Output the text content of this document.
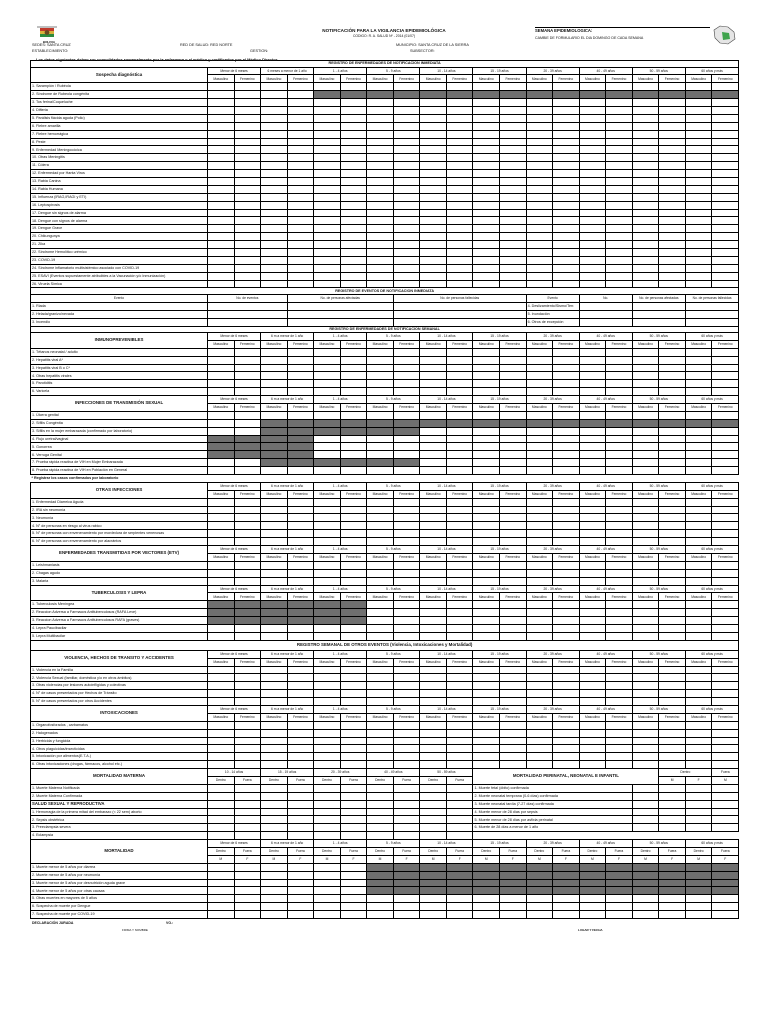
BOLIVIA
NOTIFICACIÓN PARA LA VIGILANCIA EPIDEMIOLÓGICA
CODIGO: R. A. SALUD Nº - 2014 (01/07)
SEMANA EPIDEMIOLOGICA:
CAMBIE DE FORMULARIO EL DIA DOMINGO DE CADA SEMANA
SEDES: SANTA CRUZ	RED DE SALUD: RED NORTE	MUNICIPIO: SANTA CRUZ DE LA SIERRA
ESTABLECIMIENTO:	GESTION:	SUBSECTOR:
Los datos siguientes deben ser consolidados semanalmente por la enfermera o el médico y certificados por el Médico Director
REGISTRO DE ENFERMEDADES DE NOTIFICACION INMEDIATA																					
Sospecha diagnóstica	Menor de 6 meses		6 meses a menor de 1 año		1 - 4 años		5 - 9 años		10 - 14 años		15 - 19 años		20 - 39 años		40 - 49 años		50 - 59 años		60 años y más		
	Masculino	Femenino	Masculino	Femenino	Masculino	Femenino	Masculino	Femenino	Masculino	Femenino	Masculino	Femenino	Masculino	Femenino	Masculino	Femenino	Masculino	Femenino	Masculino	Femenino	
1. Sarampión / Rubéola																					
2. Síndrome de Rubeola congénita																					
3. Tos ferina/Coqueluche																					
4. Difteria																					
5. Parálisis flácida aguda (Polio)																					
6. Fiebre amarilla																					
7. Fiebre hemorrágica																					
8. Peste																					
9. Enfermedad Meningocócica																					
10. Otras Meningitis																					
11. Cólera																					
12. Enfermedad por Hanta Virus																					
13. Rabia Canina																					
14. Rabia Humana																					
15. Influenza (IRAG,IRAGI y ETI)																					
16. Leptospirosis																					
17. Dengue sin signos de alarma																					
18. Dengue con signos de alarma																					
19. Dengue Grave																					
20. Chikungunya																					
21. Zika																					
22. Síndrome Hemolítico urémico																					
23. COVID-19																					
24. Síndrome inflamatorio multisistémico asociado con COVID-19																					
25. ESAVI (Eventos supuestamente atribuibles a la Vacunación y/o Inmunización)																					
26. Viruela Símica																					
REGISTRO DE EVENTOS DE NOTIFICACION INMEDIATA																					
Evento	No. de eventos			No. de personas afectadas				No. de personas fallecidas					Evento		No.		No. de personas afectadas		No. de personas fallecidas		
1. Riada													4. Deslizamiento/Sismo/Terr.								
2. Helada/granizo/nevada													5. Inundación								
3. Incendio													6. Otros de excepción								
REGISTRO DE ENFERMEDADES DE NOTIFICACION SEMANAL																					
INMUNOPREVENIBLES	Menor de 6 meses		6 m a menor de 1 año		1 - 4 años		5 - 9 años		10 - 14 años		15 - 19 años		20 - 39 años		40 - 49 años		50 - 59 años		60 años y más		
	Masculino	Femenino	Masculino	Femenino	Masculino	Femenino	Masculino	Femenino	Masculino	Femenino	Masculino	Femenino	Masculino	Femenino	Masculino	Femenino	Masculino	Femenino	Masculino	Femenino	
1. Tétanos neonatal / adulto																					
2. Hepatitis viral A*																					
3. Hepatitis viral B o C*																					
4. Otras hepatitis virales																					
5. Parotiditis																					
6. Varicela																					
INFECCIONES DE TRANSMISIÓN SEXUAL	Menor de 6 meses		6 m a menor de 1 año		1 - 4 años		5 - 9 años		10 - 14 años		15 - 19 años		20 - 39 años		40 - 49 años		50 - 59 años		60 años y más		
	Masculino	Femenino	Masculino	Femenino	Masculino	Femenino	Masculino	Femenino	Masculino	Femenino	Masculino	Femenino	Masculino	Femenino	Masculino	Femenino	Masculino	Femenino	Masculino	Femenino	
1. Úlcera genital																					
2. Sífilis Congénita																					
3. Sífilis en la mujer embarazada (confirmado por laboratorio)																					
4. Flujo uretral/vaginal																					
5. Gonorrea																					
6. Verruga Genital																					
7. Prueba rápida reactiva de VIH en Mujer Embarazada																					
8. Prueba rápida reactiva de VIH en Población en General																					
* Registrar los casos confirmados por laboratorio																					
OTRAS INFECCIONES	Menor de 6 meses		6 m a menor de 1 año		1 - 4 años		5 - 9 años		10 - 14 años		15 - 19 años		20 - 39 años		40 - 49 años		50 - 59 años		60 años y más		
	Masculino	Femenino	Masculino	Femenino	Masculino	Femenino	Masculino	Femenino	Masculino	Femenino	Masculino	Femenino	Masculino	Femenino	Masculino	Femenino	Masculino	Femenino	Masculino	Femenino	
1. Enfermedad Diarreica Aguda																					
2. IRA sin neumonía																					
3. Neumonía																					
4. N° de personas en riesgo al virus rabico																					
5. N° de personas con envenenamiento por mordedura de serpientes venenosas																					
6. N° de personas con envenenamiento por alacrántos																					
ENFERMEDADES TRANSMITIDAS POR VECTORES (ETV)	Menor de 6 meses		6 m a menor de 1 año		1 - 4 años		5 - 9 años		10 - 14 años		15 - 19 años		20 - 39 años		40 - 49 años		50 - 59 años		60 años y más		
	Masculino	Femenino	Masculino	Femenino	Masculino	Femenino	Masculino	Femenino	Masculino	Femenino	Masculino	Femenino	Masculino	Femenino	Masculino	Femenino	Masculino	Femenino	Masculino	Femenino	
1. Leishmaniasis																					
2. Chagas agudo																					
3. Malaria																					
TUBERCULOSIS Y LEPRA	Menor de 6 meses		6 m a menor de 1 año		1 - 4 años		5 - 9 años		10 - 14 años		15 - 19 años		20 - 39 años		40 - 49 años		50 - 59 años		60 años y más		
	Masculino	Femenino	Masculino	Femenino	Masculino	Femenino	Masculino	Femenino	Masculino	Femenino	Masculino	Femenino	Masculino	Femenino	Masculino	Femenino	Masculino	Femenino	Masculino	Femenino	
1. Tuberculosis Meníngea																					
2. Reaccion Adversa a Farmacos Antituberculosos (RAFA Leve)																					
3. Reaccion Adversa a Farmacos Antituberculosos RAFA (graves)																					
4. Lepra Paucibacilar																					
5. Lepra Multibacilar																					
REGISTRO SEMANAL DE OTROS EVENTOS (Violencia, Intoxicaciones y Mortalidad)																					
VIOLENCIA, HECHOS DE TRANSITO Y ACCIDENTES	Menor de 6 meses		6 m a menor de 1 año		1 - 4 años		5 - 9 años		10 - 14 años		15 - 19 años		20 - 39 años		40 - 49 años		50 - 59 años		60 años y más		
	Masculino	Femenino	Masculino	Femenino	Masculino	Femenino	Masculino	Femenino	Masculino	Femenino	Masculino	Femenino	Masculino	Femenino	Masculino	Femenino	Masculino	Femenino	Masculino	Femenino	
1. Violencia en la Familia																					
2. Violencia Sexual (familiar, doméstica y/o en otros ámbitos)																					
3. Otras violencias por lesiones autoinfligidas y colectivas																					
4. N° de casos presentados por Hechos de Tránsito																					
5. N° de casos presentados por otros Accidentes																					
INTOXICACIONES	Menor de 6 meses		6 m a menor de 1 año		1 - 4 años		5 - 9 años		10 - 14 años		15 - 19 años		20 - 39 años		40 - 49 años		50 - 59 años		60 años y más		
	Masculino	Femenino	Masculino	Femenino	Masculino	Femenino	Masculino	Femenino	Masculino	Femenino	Masculino	Femenino	Masculino	Femenino	Masculino	Femenino	Masculino	Femenino	Masculino	Femenino	
1. Organofosforados , carbamatos																					
2. Halogenados																					
3. Herbicida y fungicida																					
4. Otros plaguicidas/insecticidas																					
5. Intoxicación por alimentos(E.T.A.)																					
6. Otras intoxicaciones (drogas, fármacos, alcohol etc.)																					
MORTALIDAD MATERNA	10 - 14 años		15 - 19 años		20 - 39 años		40 - 49 años		50 - 59 años		MORTALIDAD PERINATAL, NEONATAL E INFANTIL							Dentro		Fuera	
	Dentro	Fuera	Dentro	Fuera	Dentro	Fuera	Dentro	Fuera	Dentro	Fuera								M	F	M	
1. Muerte Materna Notificada											1. Muerte fetal (óbito) confirmada										
2. Muerte Materna Confirmada											2. Muerte neonatal temprana (0-6 días) confirmada										
SALUD SEXUAL Y REPRODUCTIVA											3. Muerte neonatal tardía (7-27 días) confirmada										
1. Hemorragia de la primera mitad del embarazo (< 22 sem) aborto											4. Muerte menor de 28 días por sepsis										
2. Sepsis obstétrica											5. Muerte menor de 28 días por asfixia perinatal										
3. Preeclampsia severa											6. Muerte de 28 días a menor de 1 año										
4. Eclampsia																					
MORTALIDAD	Menor de 6 meses		6 m a menor de 1 año		1 - 4 años		5 - 9 años		10 - 14 años		15 - 19 años		20 - 39 años		40 - 49 años		50 - 59 años		60 años y más		
	Dentro	Fuera	Dentro	Fuera	Dentro	Fuera	Dentro	Fuera	Dentro	Fuera	Dentro	Fuera	Dentro	Fuera	Dentro	Fuera	Dentro	Fuera	Dentro	Fuera	
	M	F	M	F	M	F	M	F	M	F	M	F	M	F	M	F	M	F	M	F	
1. Muerte menor de 5 años por diarrea																					
2. Muerte menor de 5 años por neumonía																					
3. Muerte menor de 5 años por desnutrición aguda grave																					
4. Muerte menor de 5 años por otras causas																					
5. Otras muertes en mayores de 5 años																					
6. Sospecha de muerte por Dengue																					
7. Sospecha de muerte por COVID-19																					
DECLARACIÓN JURADA	VO.:
FIRMA Y NOMBRE	LUGAR Y FECHA
